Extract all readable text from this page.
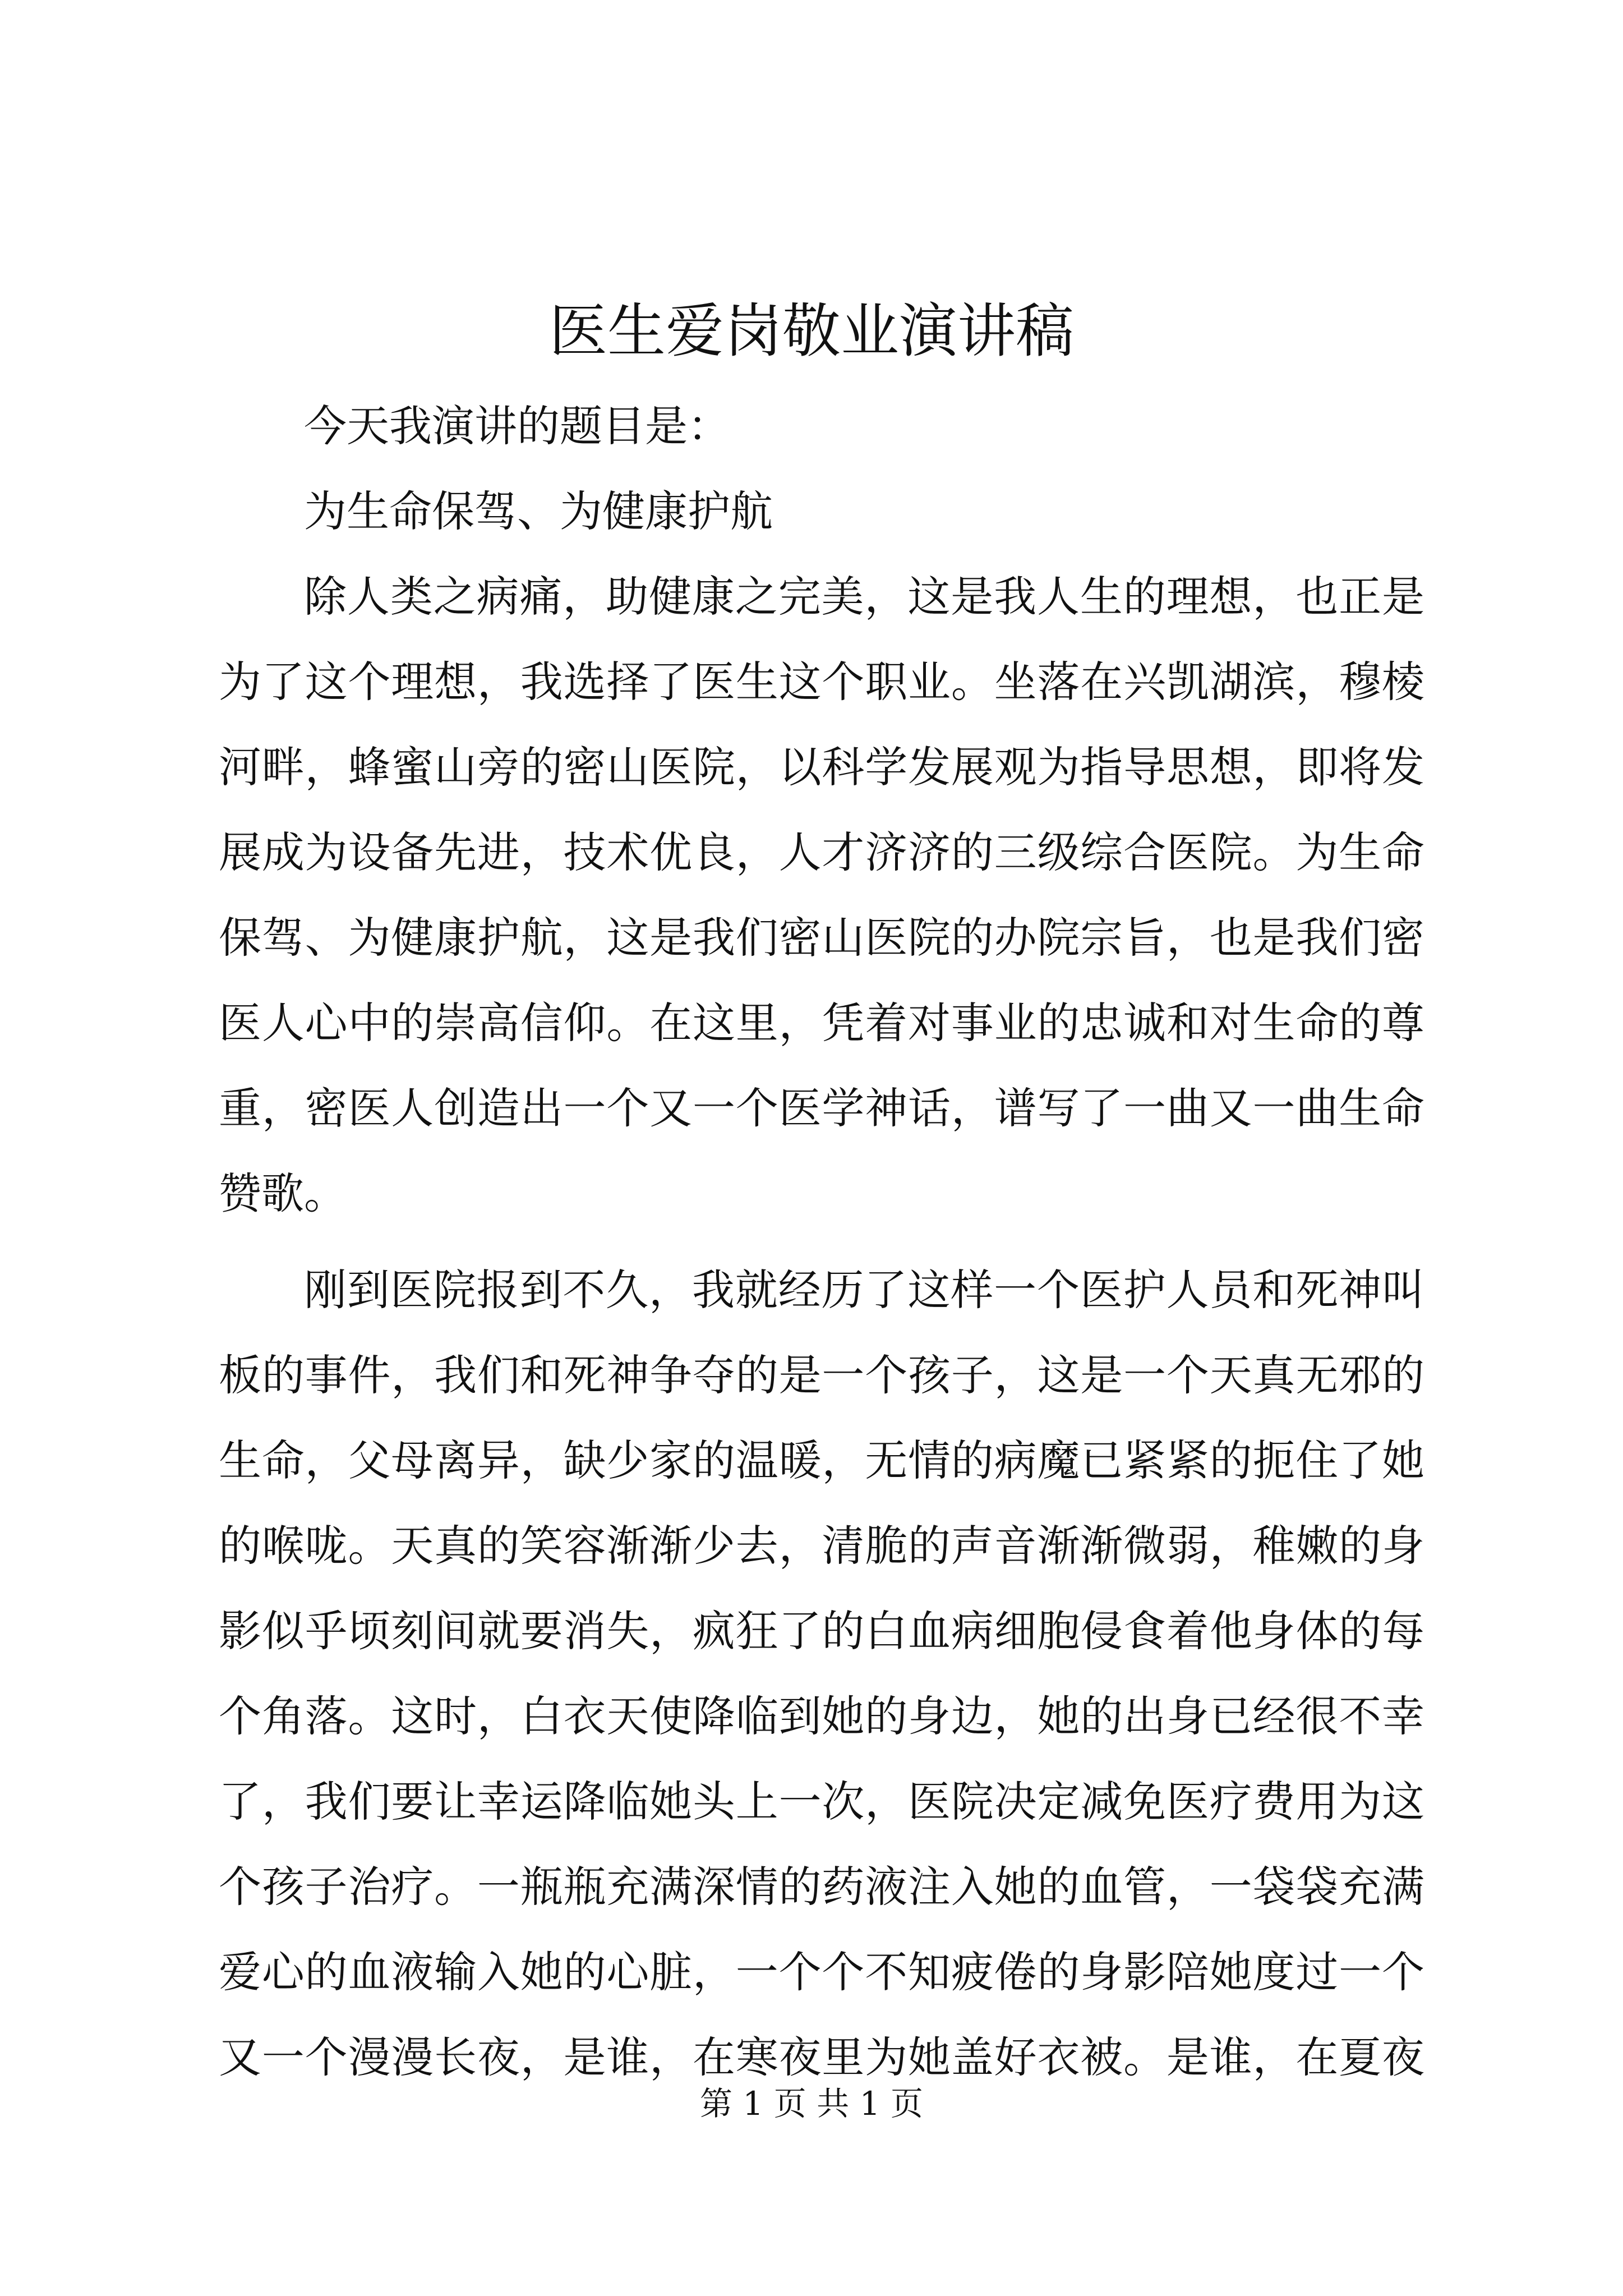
医生爱岗敬业演讲稿
今天我演讲的题目是：
为生命保驾、为健康护航
除人类之病痛，助健康之完美，这是我人生的理想，也正是
为了这个理想，我选择了医生这个职业。坐落在兴凯湖滨，穆棱
河畔，蜂蜜山旁的密山医院，以科学发展观为指导思想，即将发
展成为设备先进，技术优良，人才济济的三级综合医院。为生命
保驾、为健康护航，这是我们密山医院的办院宗旨，也是我们密
医人心中的崇高信仰。在这里，凭着对事业的忠诚和对生命的尊
重，密医人创造出一个又一个医学神话，谱写了一曲又一曲生命
赞歌。
刚到医院报到不久，我就经历了这样一个医护人员和死神叫
板的事件，我们和死神争夺的是一个孩子，这是一个天真无邪的
生命，父母离异，缺少家的温暖，无情的病魔已紧紧的扼住了她
的喉咙。天真的笑容渐渐少去，清脆的声音渐渐微弱，稚嫩的身
影似乎顷刻间就要消失，疯狂了的白血病细胞侵食着他身体的每
个角落。这时，白衣天使降临到她的身边，她的出身已经很不幸
了，我们要让幸运降临她头上一次，医院决定减免医疗费用为这
个孩子治疗。一瓶瓶充满深情的药液注入她的血管，一袋袋充满
爱心的血液输入她的心脏，一个个不知疲倦的身影陪她度过一个
又一个漫漫长夜，是谁，在寒夜里为她盖好衣被。是谁，在夏夜
第 1 页 共 1 页
